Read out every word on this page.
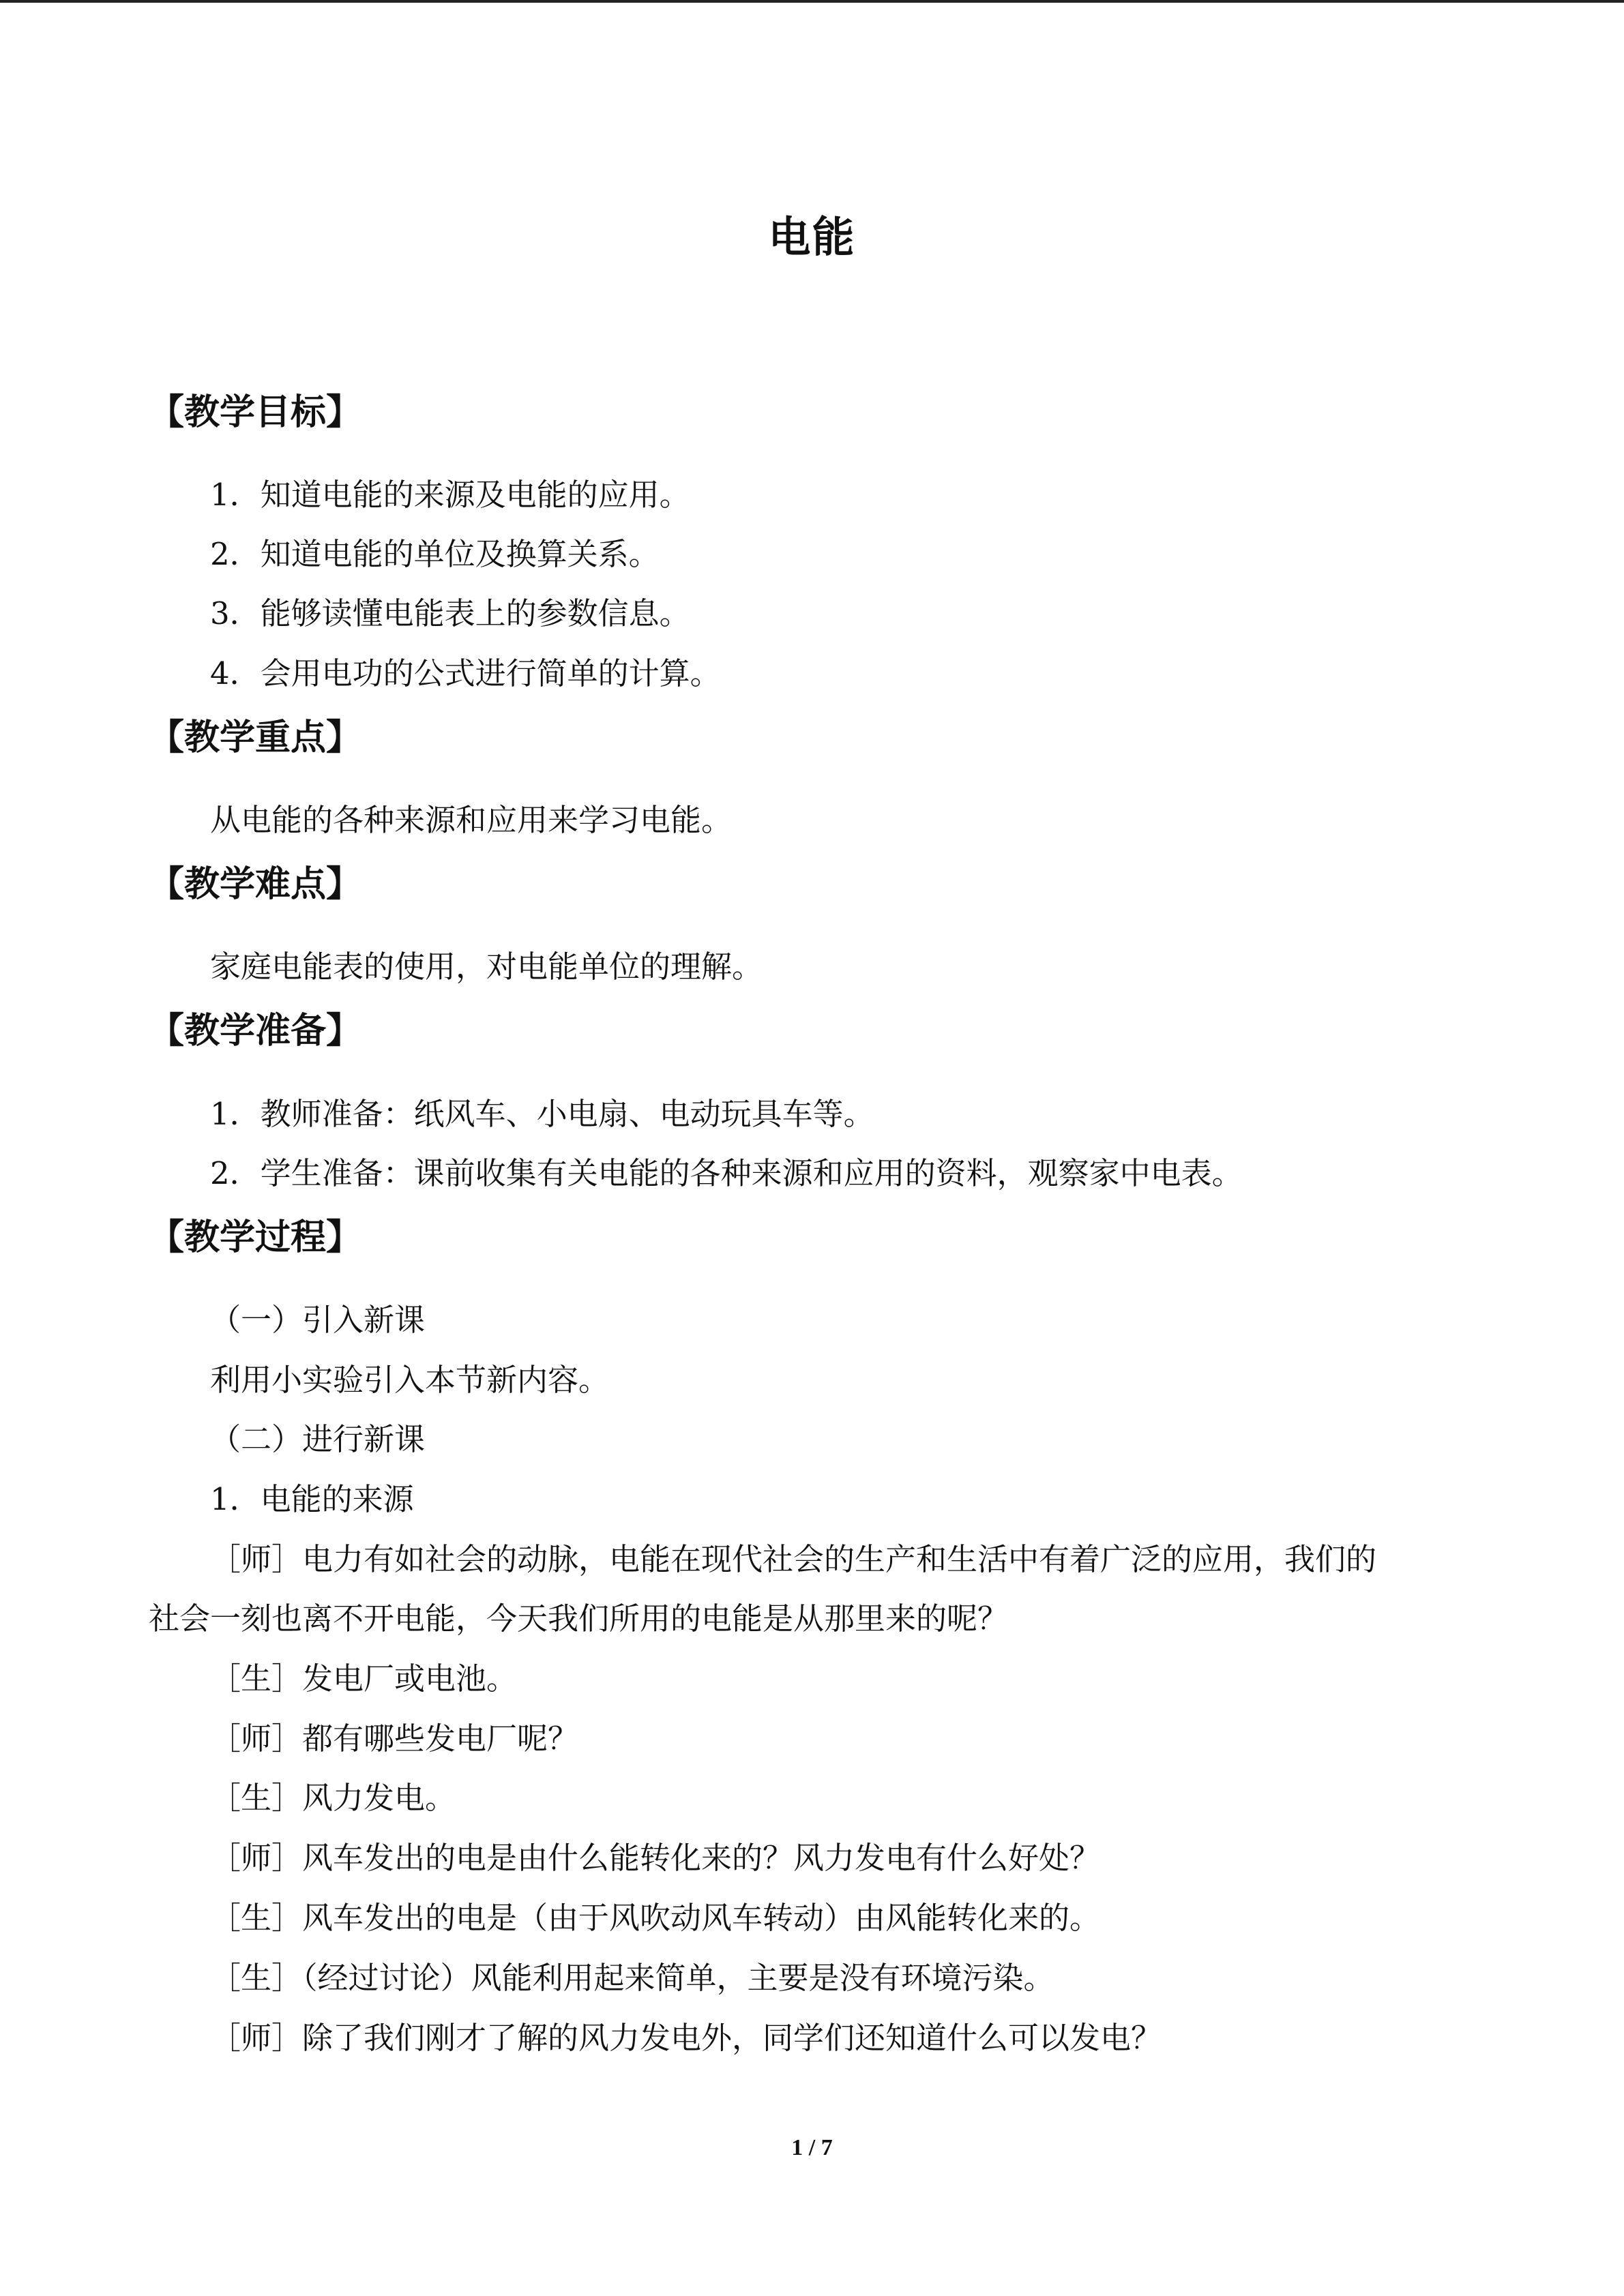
电能
【教学目标】
1．知道电能的来源及电能的应用。
2．知道电能的单位及换算关系。
3．能够读懂电能表上的参数信息。
4．会用电功的公式进行简单的计算。
【教学重点】
从电能的各种来源和应用来学习电能。
【教学难点】
家庭电能表的使用，对电能单位的理解。
【教学准备】
1．教师准备：纸风车、小电扇、电动玩具车等。
2．学生准备：课前收集有关电能的各种来源和应用的资料，观察家中电表。
【教学过程】
（一）引入新课
利用小实验引入本节新内容。
（二）进行新课
1．电能的来源
［师］电力有如社会的动脉，电能在现代社会的生产和生活中有着广泛的应用，我们的
社会一刻也离不开电能，今天我们所用的电能是从那里来的呢？
［生］发电厂或电池。
［师］都有哪些发电厂呢？
［生］风力发电。
［师］风车发出的电是由什么能转化来的？风力发电有什么好处？
［生］风车发出的电是（由于风吹动风车转动）由风能转化来的。
［生］（经过讨论）风能利用起来简单，主要是没有环境污染。
［师］除了我们刚才了解的风力发电外，同学们还知道什么可以发电？
1 / 7
